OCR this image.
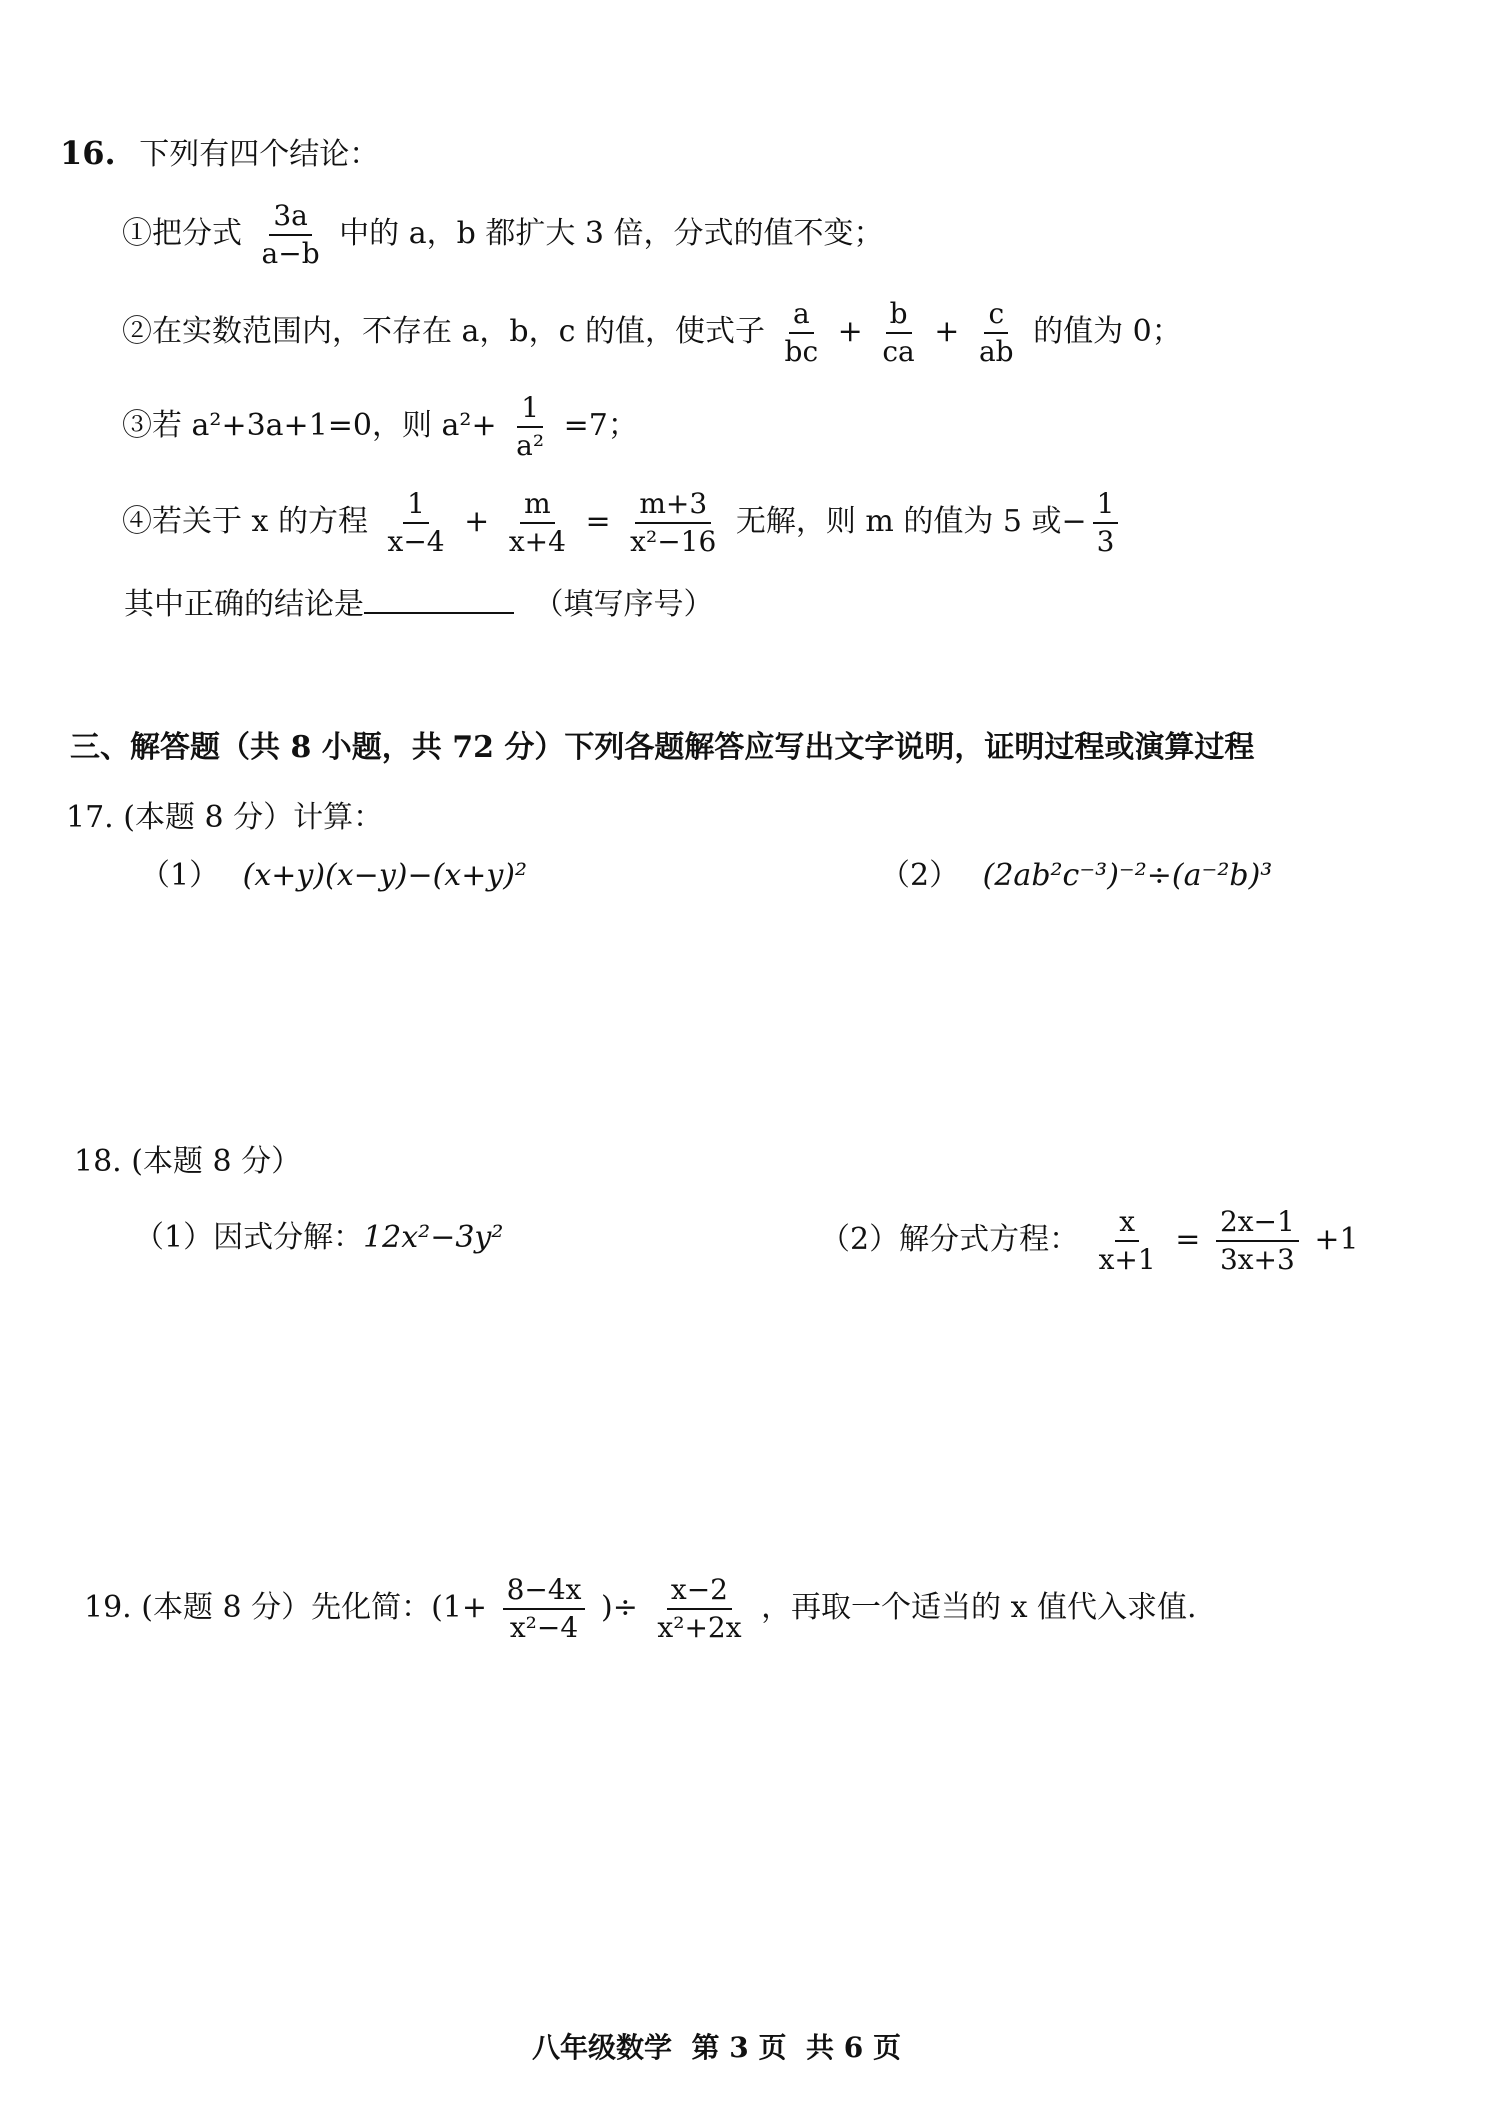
16. 下列有四个结论：
①把分式 $\frac{3a}{a-b}$ 中的 a，b 都扩大 3 倍，分式的值不变；
②在实数范围内，不存在 a，b，c 的值，使式子 $\frac{a}{bc} + \frac{b}{ca} + \frac{c}{ab}$ 的值为 0；
③若 a²+3a+1=0，则 $a^2+ \frac{1}{\text{a²}} =7$；
④若关于 x 的方程 $\frac{1}{x-4} + \frac{m}{x+4} = \frac{m+3}{\text{x²−16}}$ 无解，则 m 的值为 5 或− $\frac{1}{3}$
其中正确的结论是	（填写序号）
三、解答题（共 8 小题，共 72 分）下列各题解答应写出文字说明，证明过程或演算过程
17. (本题 8 分）计算：
（1） (x+y)(x−y)−(x+y)²	（2） (2ab²c⁻³)⁻²÷(a⁻²b)³
18. (本题 8 分）
（1）因式分解：12x²−3y²	（2）解分式方程： $\frac{x}{x+1} = \frac{2x-1}{3x+3} +1$
19. (本题 8 分）先化简：($1+ \frac{8-4x}{\text{x²−4}}$ )÷ $\frac{x-2}{\text{x²+2x}}$ ，再取一个适当的 x 值代入求值.
八年级数学  第 3 页  共 6 页
